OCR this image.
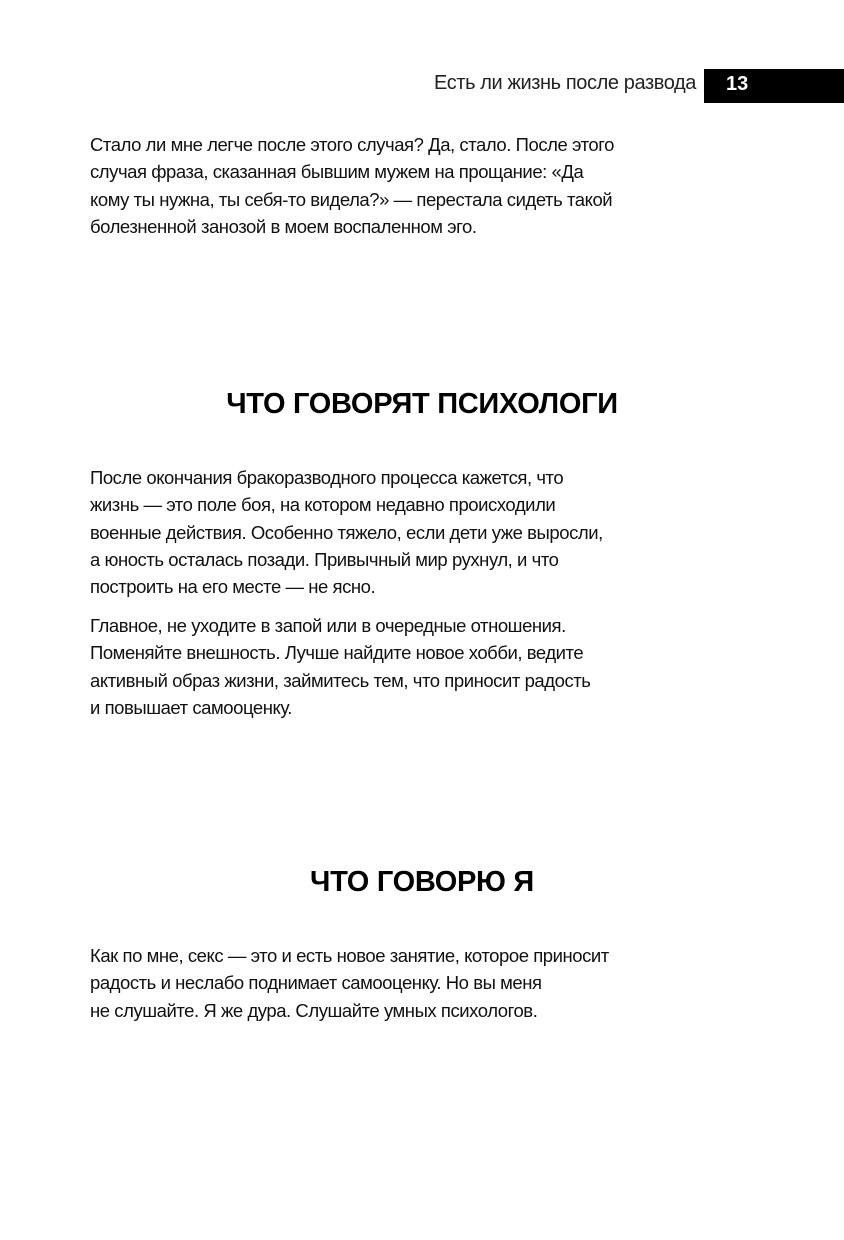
Есть ли жизнь после развода 13

Стало ли мне легче после этого случая? Да, стало. После этого
случая фраза, сказанная бывшим мужем на прощание: «Да
кому ты нужна, ты себя-то видела?» — перестала сидеть такой
болезненной занозой в моем воспаленном эго.

ЧТО ГОВОРЯТ ПСИХОЛОГИ

После окончания бракоразводного процесса кажется, что
жизнь — это поле боя, на котором недавно происходили
военные действия. Особенно тяжело, если дети уже выросли,
а юность осталась позади. Привычный мир рухнул, и что
построить на его месте — не ясно.

Главное, не уходите в запой или в очередные отношения.
Поменяйте внешность. Лучше найдите новое хобби, ведите
активный образ жизни, займитесь тем, что приносит радость
и повышает самооценку.

ЧТО ГОВОРЮ Я

Как по мне, секс — это и есть новое занятие, которое приносит
радость и неслабо поднимает самооценку. Но вы меня
не слушайте. Я же дура. Слушайте умных психологов.
